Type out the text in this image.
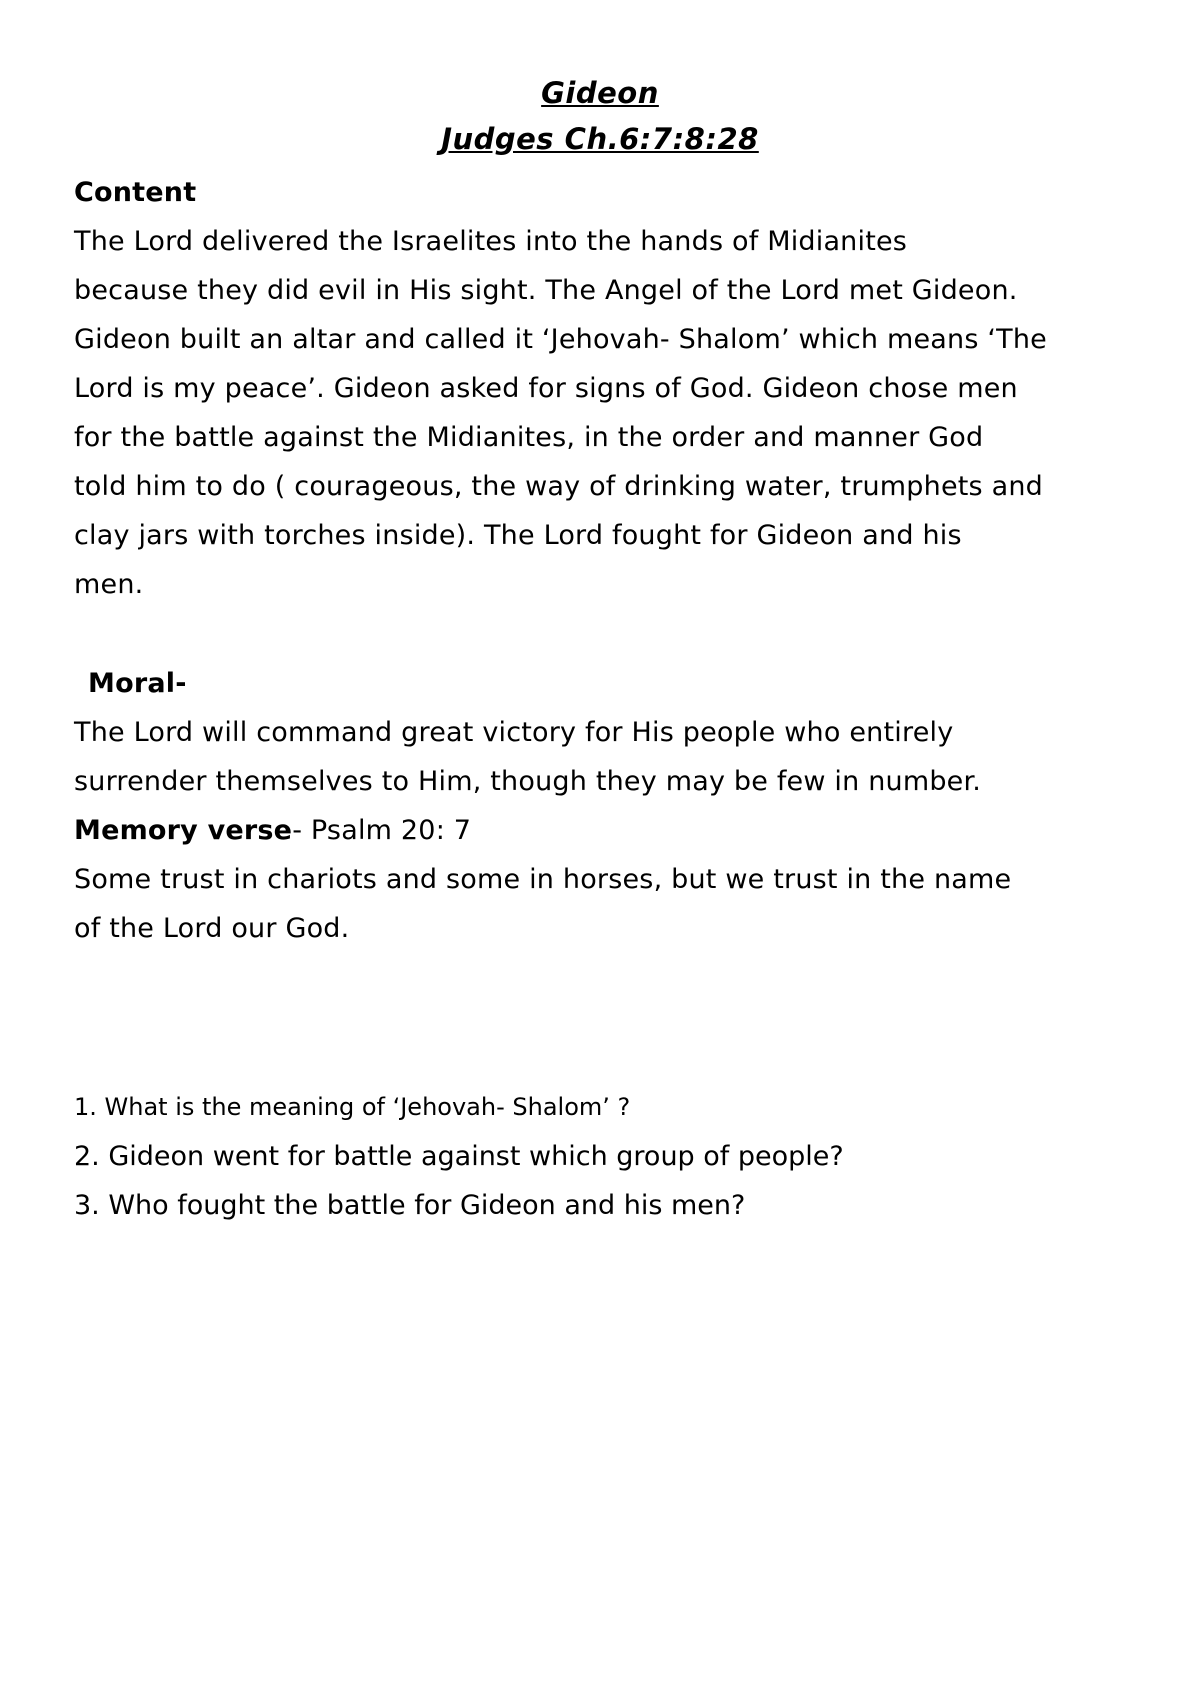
Gideon
Judges Ch.6:7:8:28
Content
The Lord delivered the Israelites into the hands of Midianites
because they did evil in His sight. The Angel of the Lord met Gideon.
Gideon built an altar and called it ‘Jehovah- Shalom’ which means ‘The
Lord is my peace’. Gideon asked for signs of God. Gideon chose men
for the battle against the Midianites, in the order and manner God
told him to do ( courageous, the way of drinking water, trumphets and
clay jars with torches inside). The Lord fought for Gideon and his
men.
Moral-
The Lord will command great victory for His people who entirely
surrender themselves to Him, though they may be few in number.
Memory verse- Psalm 20: 7
Some trust in chariots and some in horses, but we trust in the name
of the Lord our God.
1. What is the meaning of ‘Jehovah- Shalom’ ?
2. Gideon went for battle against which group of people?
3. Who fought the battle for Gideon and his men?
